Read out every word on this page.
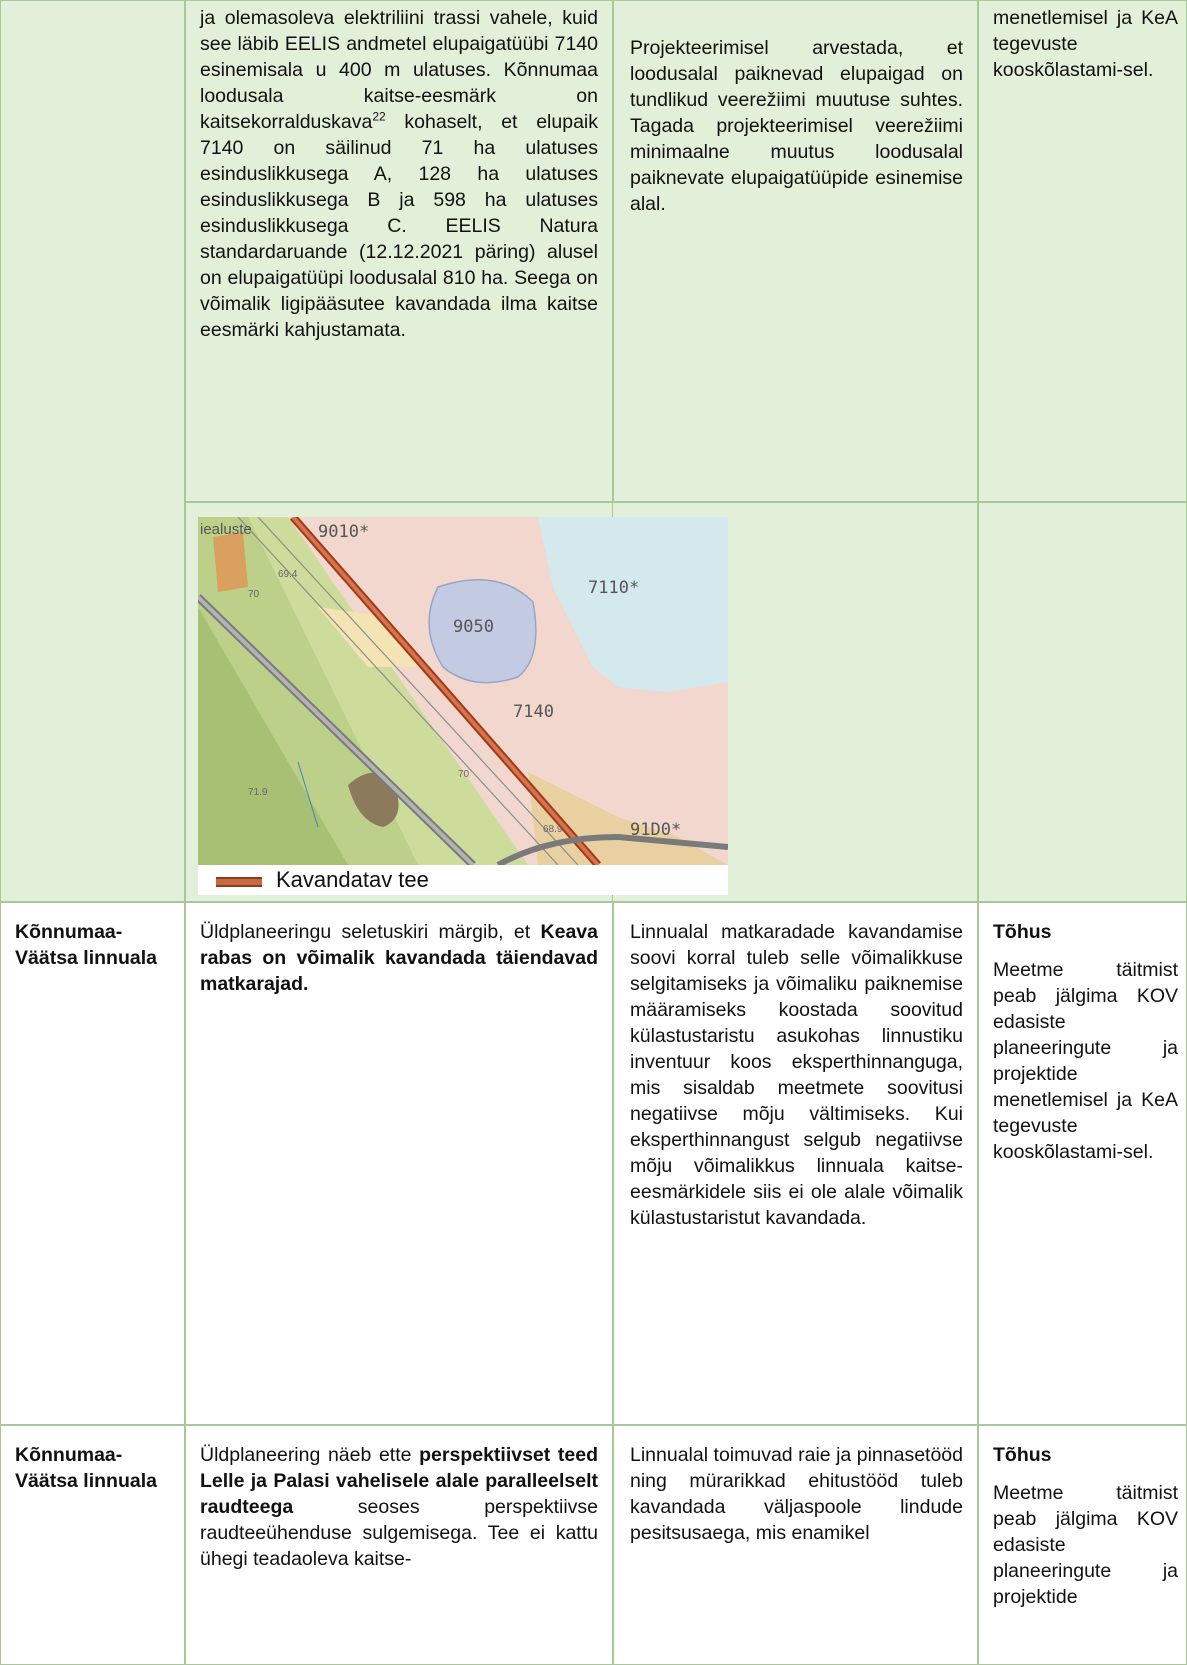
ja olemasoleva elektriliini trassi vahele, kuid see läbib EELIS andmetel elupaigatüübi 7140 esinemisala u 400 m ulatuses. Kõnnumaa loodusala kaitse-eesmärk on kaitsekorralduskava$^{22}$ kohaselt, et elupaik 7140 on säilinud 71 ha ulatuses esinduslikkusega A, 128 ha ulatuses esinduslikkusega B ja 598 ha ulatuses esinduslikkusega C. EELIS Natura standardaruande (12.12.2021 päring) alusel on elupaigatüüpi loodusalal 810 ha. Seega on võimalik ligipääsutee kavandada ilma kaitse eesmärki kahjustamata.

Projekteerimisel arvestada, et loodusalal paiknevad elupaigad on tundlikud veerežiimi muutuse suhtes. Tagada projekteerimisel veerežiimi minimaalne muutus loodusalal paiknevate elupaigatüüpide esinemise alal.

menetlemisel ja KeA tegevuste kooskõlastami-sel.

9010*
7110*
9050
7140
91D0*
iealuste
69.4
70
70
71.9
68.9
Kavandatav tee

Kõnnumaa-Väätsa linnuala

Üldplaneeringu seletuskiri märgib, et Keava rabas on võimalik kavandada täiendavad matkarajad.

Linnualal matkaradade kavandamise soovi korral tuleb selle võimalikkuse selgitamiseks ja võimaliku paiknemise määramiseks koostada soovitud külastustaristu asukohas linnustiku inventuur koos eksperthinnanguga, mis sisaldab meetmete soovitusi negatiivse mõju vältimiseks. Kui eksperthinnangust selgub negatiivse mõju võimalikkus linnuala kaitse-eesmärkidele siis ei ole alale võimalik külastustaristut kavandada.

Tõhus

Meetme täitmist peab jälgima KOV edasiste planeeringute ja projektide menetlemisel ja KeA tegevuste kooskõlastami-sel.

Kõnnumaa-Väätsa linnuala

Üldplaneering näeb ette perspektiivset teed Lelle ja Palasi vahelisele alale paralleelselt raudteega seoses perspektiivse raudteeühenduse sulgemisega. Tee ei kattu ühegi teadaoleva kaitse-

Linnualal toimuvad raie ja pinnasetööd ning mürarikkad ehitustööd tuleb kavandada väljaspoole lindude pesitsusaega, mis enamikel

Tõhus

Meetme täitmist peab jälgima KOV edasiste planeeringute ja projektide
